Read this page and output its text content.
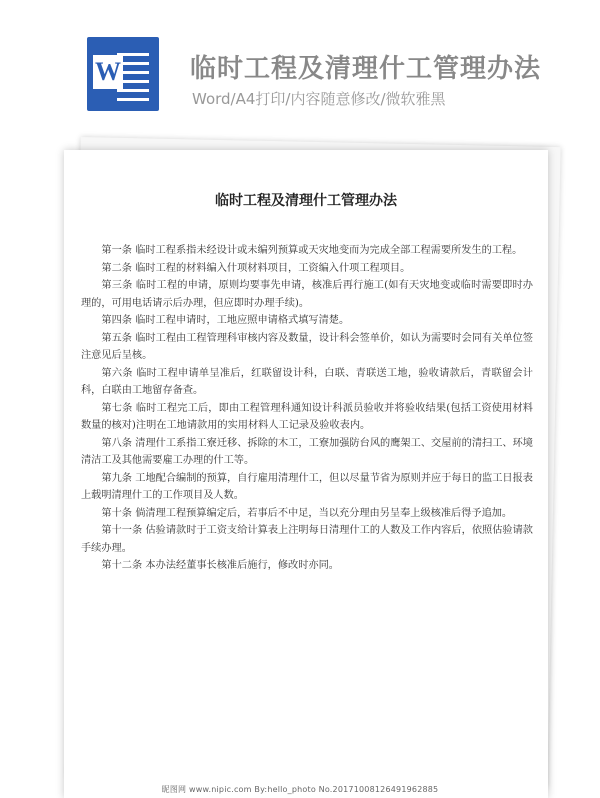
W	临时工程及清理什工管理办法
Word/A4打印/内容随意修改/微软雅黑
临时工程及清理什工管理办法

第一条 临时工程系指未经设计或未编列预算或天灾地变而为完成全部工程需要所发生的工程。

第二条 临时工程的材料编入什项材料项目，工资编入什项工程项目。

第三条 临时工程的申请，原则均要事先申请，核准后再行施工(如有天灾地变或临时需要即时办理的，可用电话请示后办理，但应即时办理手续)。

第四条 临时工程申请时，工地应照申请格式填写清楚。

第五条 临时工程由工程管理科审核内容及数量，设计科会签单价，如认为需要时会同有关单位签注意见后呈核。

第六条 临时工程申请单呈准后，红联留设计科，白联、青联送工地，验收请款后，青联留会计科，白联由工地留存备查。

第七条 临时工程完工后，即由工程管理科通知设计科派员验收并将验收结果(包括工资使用材料数量的核对)注明在工地请款用的实用材料人工记录及验收表内。

第八条 清理什工系指工寮迁移、拆除的木工，工寮加强防台风的鹰架工、交屋前的清扫工、环境清洁工及其他需要雇工办理的什工等。

第九条 工地配合编制的预算，自行雇用清理什工，但以尽量节省为原则并应于每日的监工日报表上载明清理什工的工作项目及人数。

第十条 倘清理工程预算编定后，若事后不中足，当以充分理由另呈奉上级核准后得予追加。

第十一条 估验请款时于工资支给计算表上注明每日清理什工的人数及工作内容后，依照估验请款手续办理。

第十二条 本办法经董事长核准后施行，修改时亦同。

昵图网 www.nipic.com By:hello_photo No.20171008126491962885
